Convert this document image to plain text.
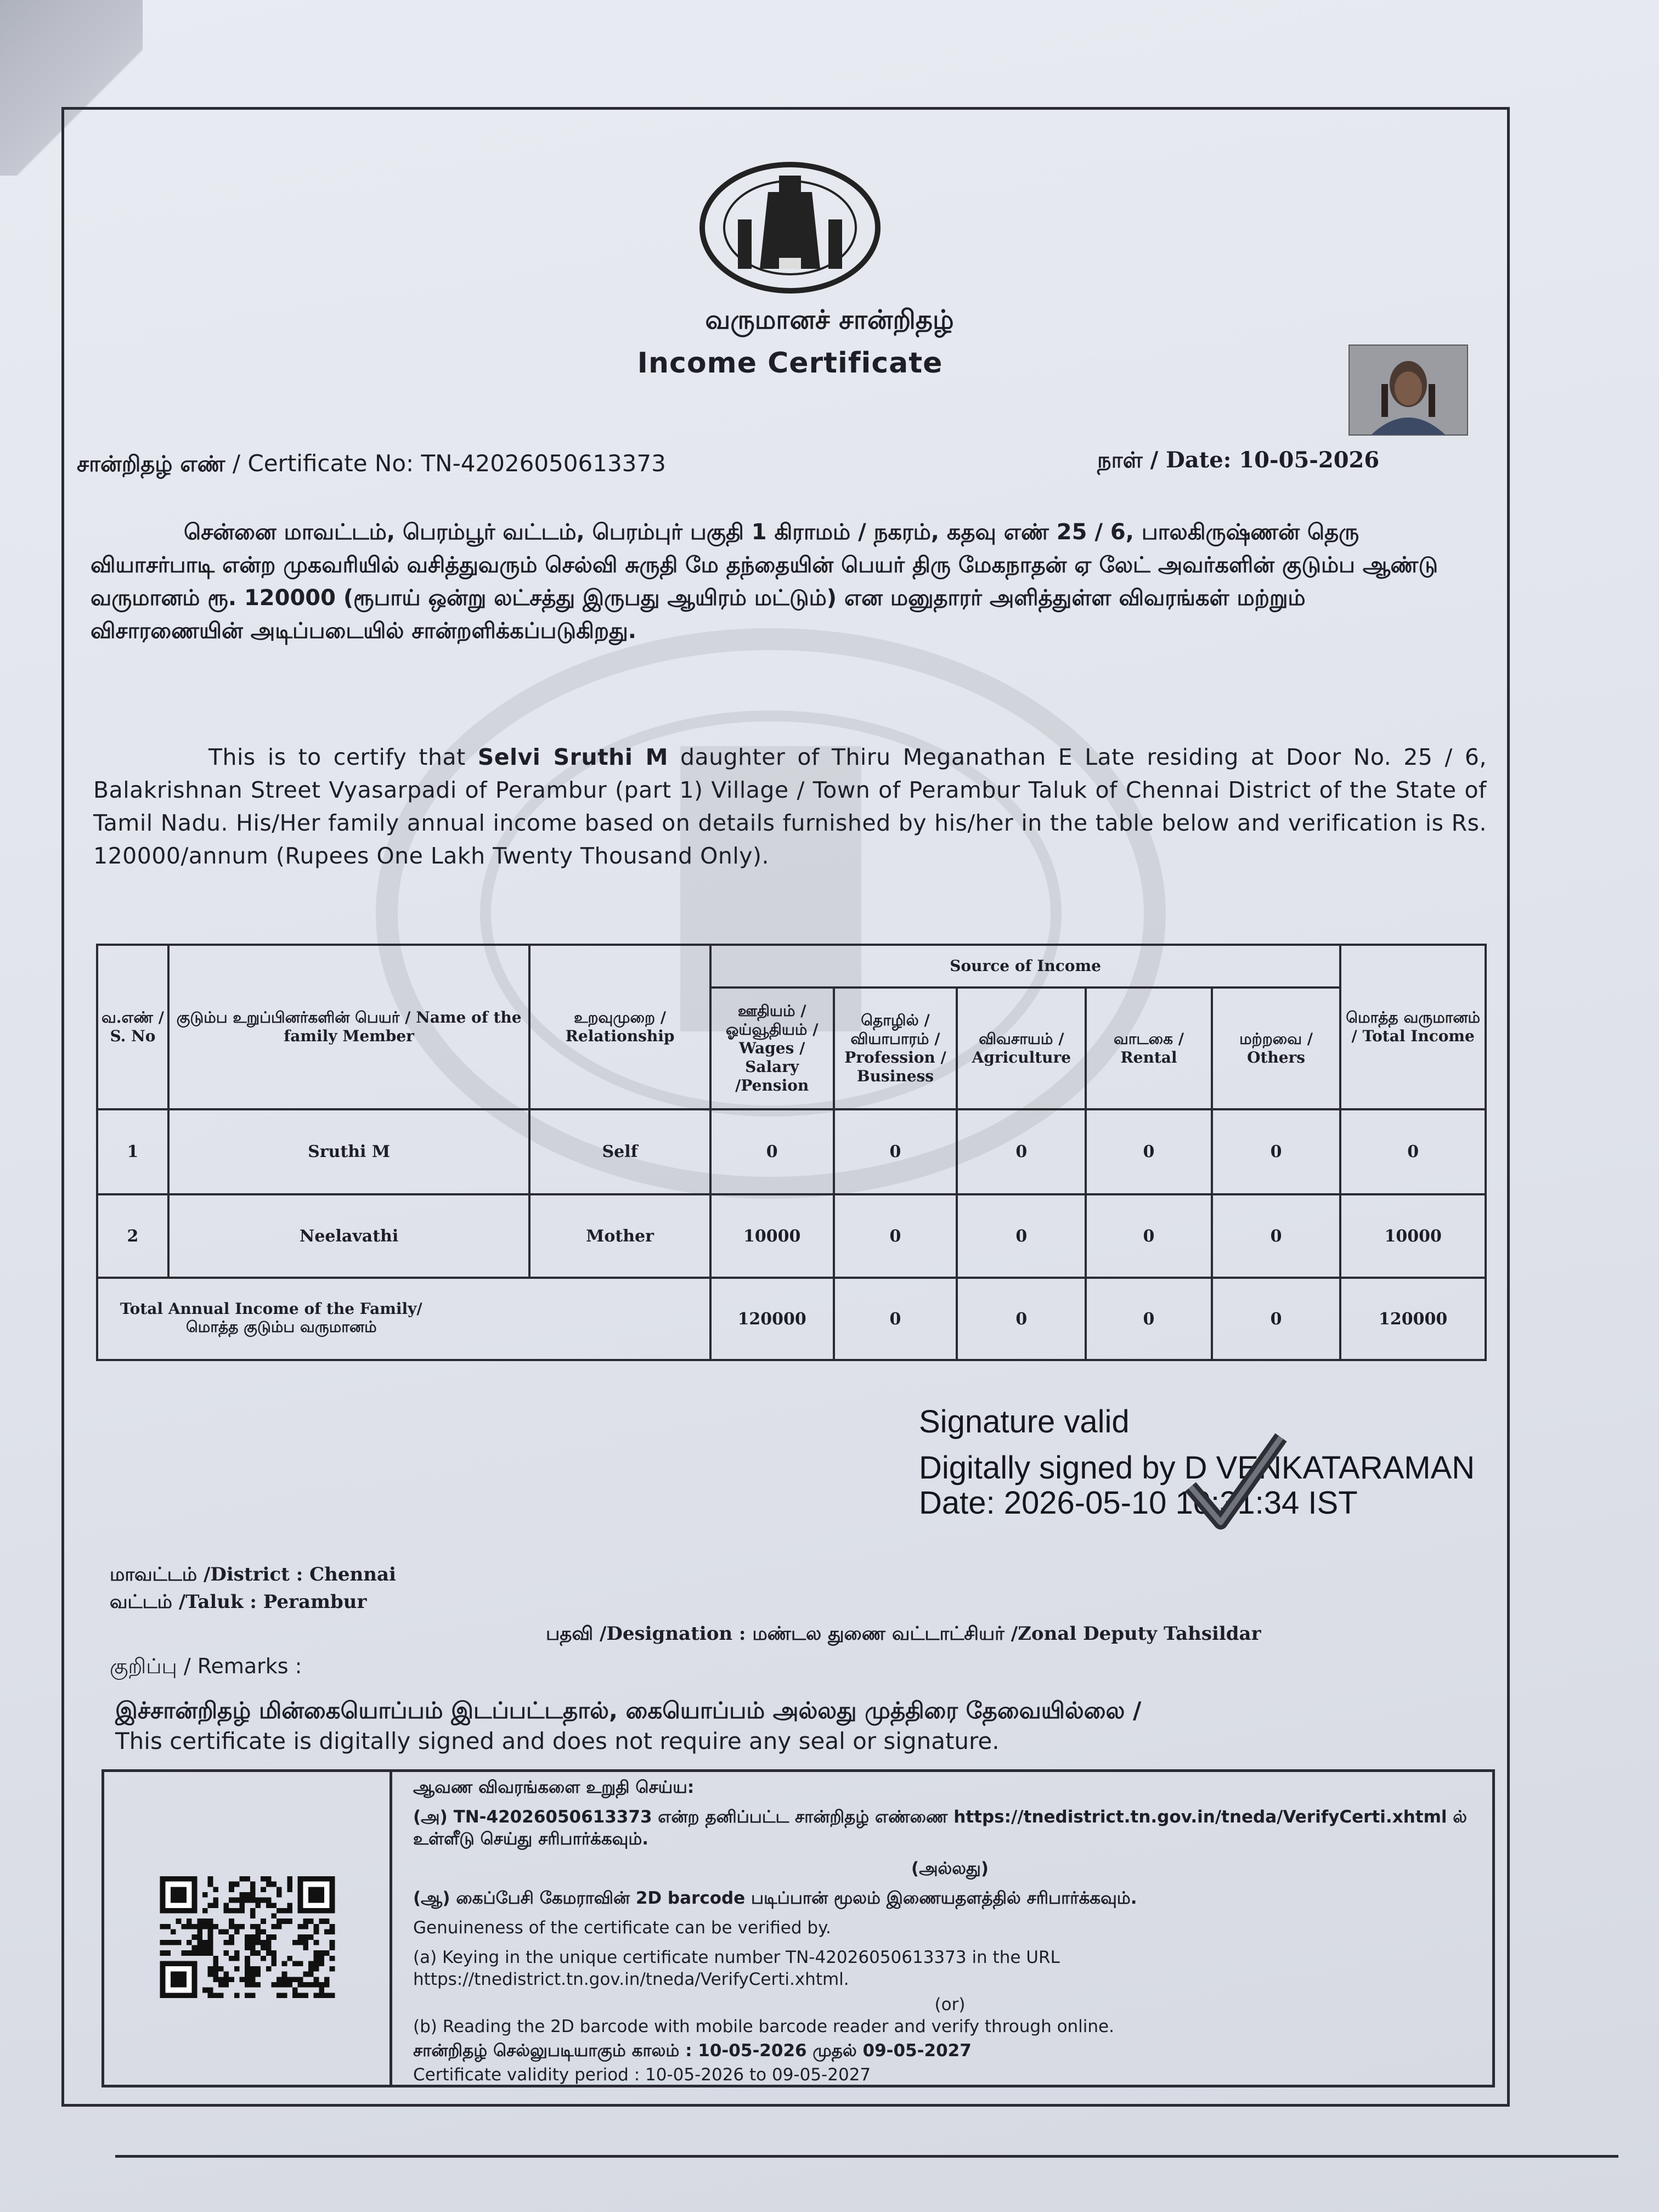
வருமானச் சான்றிதழ்
Income Certificate
சான்றிதழ் எண் / Certificate No: TN-42026050613373	நாள் / Date: 10-05-2026
சென்னை மாவட்டம், பெரம்பூர் வட்டம், பெரம்புர் பகுதி 1 கிராமம் / நகரம், கதவு எண் 25 / 6, பாலகிருஷ்ணன் தெரு வியாசர்பாடி என்ற முகவரியில் வசித்துவரும் செல்வி சுருதி மே தந்தையின் பெயர் திரு மேகநாதன் ஏ லேட் அவர்களின் குடும்ப ஆண்டு வருமானம் ரூ. 120000 (ரூபாய் ஒன்று லட்சத்து இருபது ஆயிரம் மட்டும்) என மனுதாரர் அளித்துள்ள விவரங்கள் மற்றும் விசாரணையின் அடிப்படையில் சான்றளிக்கப்படுகிறது.
This is to certify that Selvi Sruthi M daughter of Thiru Meganathan E Late residing at Door No. 25 / 6, Balakrishnan Street Vyasarpadi of Perambur (part 1) Village / Town of Perambur Taluk of Chennai District of the State of Tamil Nadu. His/Her family annual income based on details furnished by his/her in the table below and verification is Rs. 120000/annum (Rupees One Lakh Twenty Thousand Only).
வ.எண் / S. No	குடும்ப உறுப்பினர்களின் பெயர் / Name of the family Member	உறவுமுறை / Relationship	Source of Income					மொத்த வருமானம் / Total Income
			ஊதியம் / ஓய்வூதியம் / Wages / Salary /Pension	தொழில் / வியாபாரம் / Profession / Business	விவசாயம் / Agriculture	வாடகை / Rental	மற்றவை / Others	
1	Sruthi M	Self	0	0	0	0	0	0
2	Neelavathi	Mother	10000	0	0	0	0	10000

Total Annual Income of the Family/
மொத்த குடும்ப வருமானம்			120000	0	0	0	0	120000
Signature valid
Digitally signed by D VENKATARAMAN
Date: 2026-05-10 10:31:34 IST
மாவட்டம் /District : Chennai
வட்டம் /Taluk : Perambur
பதவி /Designation : மண்டல துணை வட்டாட்சியர் /Zonal Deputy Tahsildar
குறிப்பு / Remarks :
இச்சான்றிதழ் மின்கையொப்பம் இடப்பட்டதால், கையொப்பம் அல்லது முத்திரை தேவையில்லை /
This certificate is digitally signed and does not require any seal or signature.

ஆவண விவரங்களை உறுதி செய்ய:

(அ) TN-42026050613373 என்ற தனிப்பட்ட சான்றிதழ் எண்ணை https://tnedistrict.tn.gov.in/tneda/VerifyCerti.xhtml ல் உள்ளீடு செய்து சரிபார்க்கவும்.

(அல்லது)

(ஆ) கைப்பேசி கேமராவின் 2D barcode படிப்பான் மூலம் இணையதளத்தில் சரிபார்க்கவும்.

Genuineness of the certificate can be verified by.

(a) Keying in the unique certificate number TN-42026050613373 in the URL https://tnedistrict.tn.gov.in/tneda/VerifyCerti.xhtml.

(or)

(b) Reading the 2D barcode with mobile barcode reader and verify through online.

சான்றிதழ் செல்லுபடியாகும் காலம் : 10-05-2026 முதல் 09-05-2027

Certificate validity period : 10-05-2026 to 09-05-2027
